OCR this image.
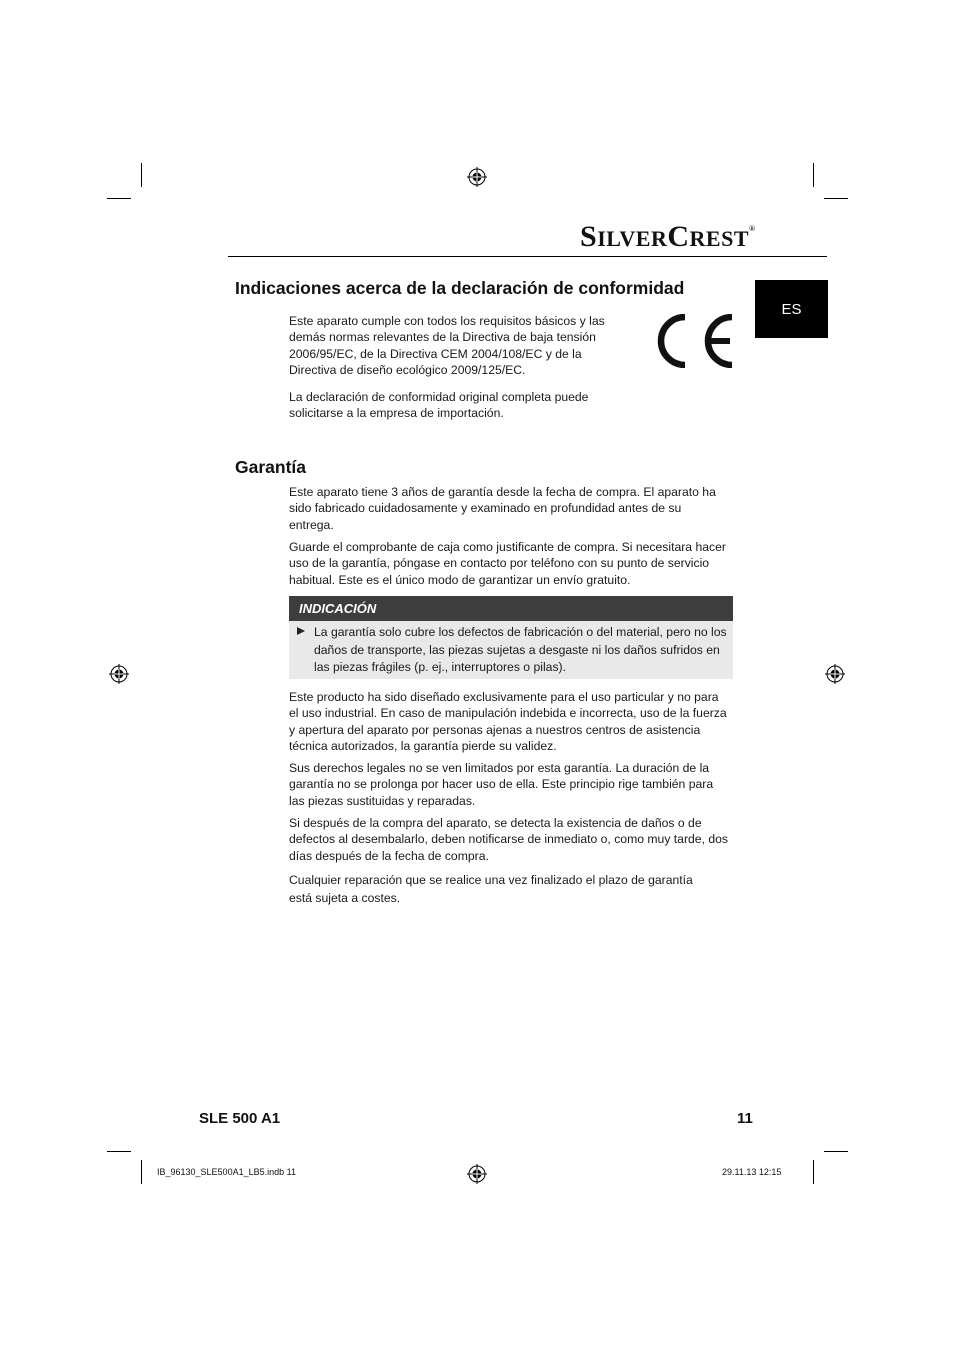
SILVERCREST®
ES
Indicaciones acerca de la declaración de conformidad

Este aparato cumple con todos los requisitos básicos y las demás normas relevantes de la Directiva de baja tensión 2006/95/EC, de la Directiva CEM 2004/108/EC y de la Directiva de diseño ecológico 2009/125/EC.

La declaración de conformidad original completa puede solicitarse a la empresa de importación.

Garantía

Este aparato tiene 3 años de garantía desde la fecha de compra. El aparato ha sido fabricado cuidadosamente y examinado en profundidad antes de su entrega.

Guarde el comprobante de caja como justificante de compra. Si necesitara hacer uso de la garantía, póngase en contacto por teléfono con su punto de servicio habitual. Este es el único modo de garantizar un envío gratuito.

INDICACIÓN

La garantía solo cubre los defectos de fabricación o del material, pero no los daños de transporte, las piezas sujetas a desgaste ni los daños sufridos en las piezas frágiles (p. ej., interruptores o pilas).

Este producto ha sido diseñado exclusivamente para el uso particular y no para el uso industrial. En caso de manipulación indebida e incorrecta, uso de la fuerza y apertura del aparato por personas ajenas a nuestros centros de asistencia técnica autorizados, la garantía pierde su validez.

Sus derechos legales no se ven limitados por esta garantía. La duración de la garantía no se prolonga por hacer uso de ella. Este principio rige también para las piezas sustituidas y reparadas.

Si después de la compra del aparato, se detecta la existencia de daños o de defectos al desembalarlo, deben notificarse de inmediato o, como muy tarde, dos días después de la fecha de compra.

Cualquier reparación que se realice una vez finalizado el plazo de garantía está sujeta a costes.

SLE 500 A1	11
IB_96130_SLE500A1_LB5.indb 11	29.11.13 12:15
